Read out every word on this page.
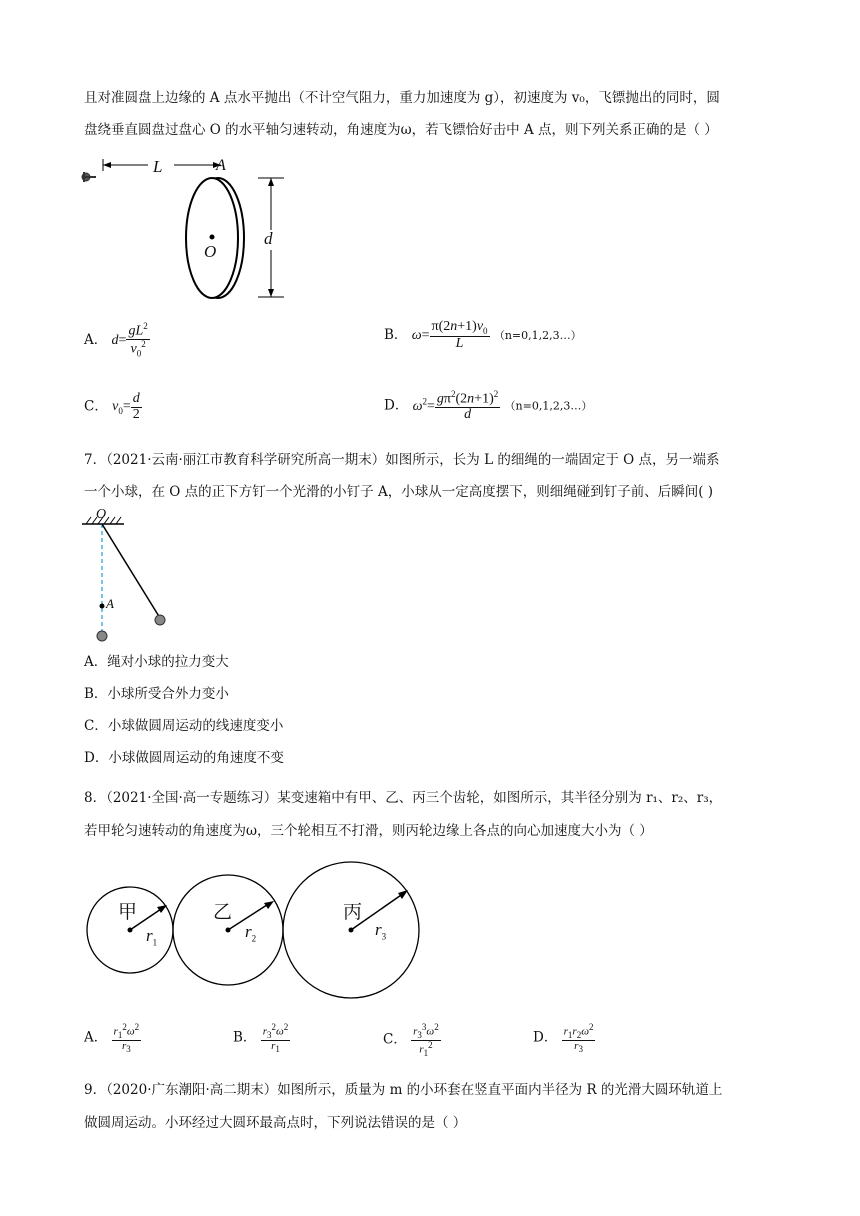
且对准圆盘上边缘的 A 点水平抛出（不计空气阻力，重力加速度为 g），初速度为 v₀，飞镖抛出的同时，圆
盘绕垂直圆盘过盘心 O 的水平轴匀速转动，角速度为ω，若飞镖恰好击中 A 点，则下列关系正确的是（ ）
L	A
O
d
A． $d= \frac{gL^2}{v_0^2}$	B． $\omega= \frac{\pi(2n+1)v_0}{L}$ （n=0,1,2,3…）
C． $v_0= \frac{d}{2}$	D． $\omega^2= \frac{g\pi^2(2n+1)^2}{d}$ （n=0,1,2,3…）
7．（2021·云南·丽江市教育科学研究所高一期末）如图所示，长为 L 的细绳的一端固定于 O 点，另一端系
一个小球，在 O 点的正下方钉一个光滑的小钉子 A，小球从一定高度摆下，则细绳碰到钉子前、后瞬间( )
O
A
A．绳对小球的拉力变大
B．小球所受合外力变小
C．小球做圆周运动的线速度变小
D．小球做圆周运动的角速度不变
8．（2021·全国·高一专题练习）某变速箱中有甲、乙、丙三个齿轮，如图所示，其半径分别为 r₁、r₂、r₃，
若甲轮匀速转动的角速度为ω，三个轮相互不打滑，则丙轮边缘上各点的向心加速度大小为（ ）
甲	乙	丙
$r_1$
$r_2$	$r_3$
A． $\frac{r_1^2\omega^2}{r_3}$	B． $\frac{r_3^2\omega^2}{r_1}$	C． $\frac{r_3^3\omega^2}{r_1^2}$	D． $\frac{r_1r_2\omega^2}{r_3}$
9．（2020·广东潮阳·高二期末）如图所示，质量为 m 的小环套在竖直平面内半径为 R 的光滑大圆环轨道上
做圆周运动。小环经过大圆环最高点时，下列说法错误的是（ ）
